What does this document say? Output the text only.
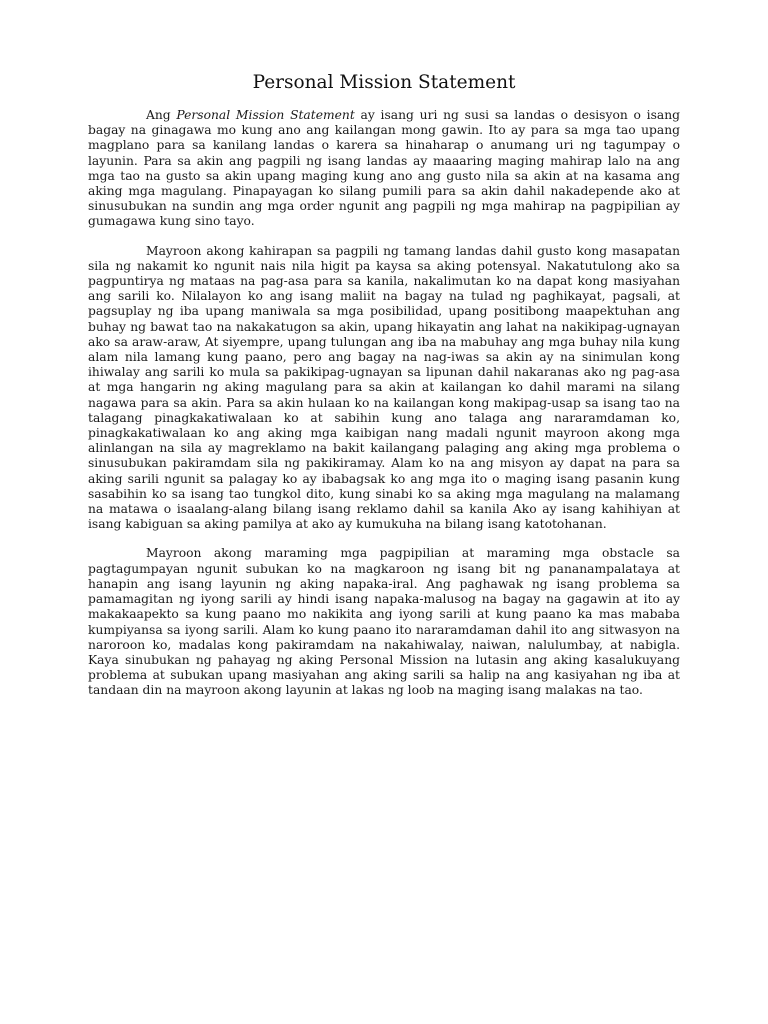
Personal Mission Statement

Ang Personal Mission Statement ay isang uri ng susi sa landas o desisyon o isang bagay na ginagawa mo kung ano ang kailangan mong gawin. Ito ay para sa mga tao upang magplano para sa kanilang landas o karera sa hinaharap o anumang uri ng tagumpay o layunin. Para sa akin ang pagpili ng isang landas ay maaaring maging mahirap lalo na ang mga tao na gusto sa akin upang maging kung ano ang gusto nila sa akin at na kasama ang aking mga magulang. Pinapayagan ko silang pumili para sa akin dahil nakadepende ako at sinusubukan na sundin ang mga order ngunit ang pagpili ng mga mahirap na pagpipilian ay gumagawa kung sino tayo.

Mayroon akong kahirapan sa pagpili ng tamang landas dahil gusto kong masapatan sila ng nakamit ko ngunit nais nila higit pa kaysa sa aking potensyal. Nakatutulong ako sa pagpuntirya ng mataas na pag-asa para sa kanila, nakalimutan ko na dapat kong masiyahan ang sarili ko. Nilalayon ko ang isang maliit na bagay na tulad ng paghikayat, pagsali, at pagsuplay ng iba upang maniwala sa mga posibilidad, upang positibong maapektuhan ang buhay ng bawat tao na nakakatugon sa akin, upang hikayatin ang lahat na nakikipag-ugnayan ako sa araw-araw, At siyempre, upang tulungan ang iba na mabuhay ang mga buhay nila kung alam nila lamang kung paano, pero ang bagay na nag-iwas sa akin ay na sinimulan kong ihiwalay ang sarili ko mula sa pakikipag-ugnayan sa lipunan dahil nakaranas ako ng pag-asa at mga hangarin ng aking magulang para sa akin at kailangan ko dahil marami na silang nagawa para sa akin. Para sa akin hulaan ko na kailangan kong makipag-usap sa isang tao na talagang pinagkakatiwalaan ko at sabihin kung ano talaga ang nararamdaman ko, pinagkakatiwalaan ko ang aking mga kaibigan nang madali ngunit mayroon akong mga alinlangan na sila ay magreklamo na bakit kailangang palaging ang aking mga problema o sinusubukan pakiramdam sila ng pakikiramay. Alam ko na ang misyon ay dapat na para sa aking sarili ngunit sa palagay ko ay ibabagsak ko ang mga ito o maging isang pasanin kung sasabihin ko sa isang tao tungkol dito, kung sinabi ko sa aking mga magulang na malamang na matawa o isaalang-alang bilang isang reklamo dahil sa kanila Ako ay isang kahihiyan at isang kabiguan sa aking pamilya at ako ay kumukuha na bilang isang katotohanan.

Mayroon akong maraming mga pagpipilian at maraming mga obstacle sa pagtagumpayan ngunit subukan ko na magkaroon ng isang bit ng pananampalataya at hanapin ang isang layunin ng aking napaka-iral. Ang paghawak ng isang problema sa pamamagitan ng iyong sarili ay hindi isang napaka-malusog na bagay na gagawin at ito ay makakaapekto sa kung paano mo nakikita ang iyong sarili at kung paano ka mas mababa kumpiyansa sa iyong sarili. Alam ko kung paano ito nararamdaman dahil ito ang sitwasyon na naroroon ko, madalas kong pakiramdam na nakahiwalay, naiwan, nalulumbay, at nabigla. Kaya sinubukan ng pahayag ng aking Personal Mission na lutasin ang aking kasalukuyang problema at subukan upang masiyahan ang aking sarili sa halip na ang kasiyahan ng iba at tandaan din na mayroon akong layunin at lakas ng loob na maging isang malakas na tao.
